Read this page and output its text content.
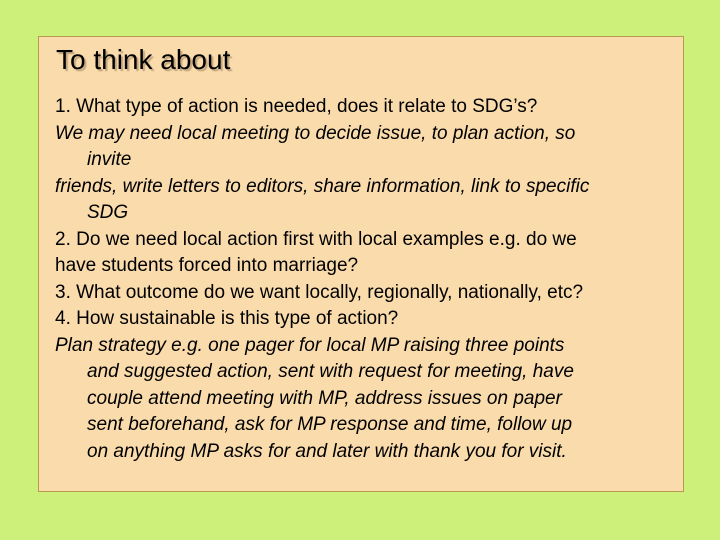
To think about
1. What type of action is needed, does it relate to SDG’s?
We may need local meeting to decide issue, to plan action, so
invite
friends, write letters to editors, share information, link to specific
SDG
2. Do we need local action first with local examples e.g. do we
have students forced into marriage?
3. What outcome do we want locally, regionally, nationally, etc?
4. How sustainable is this type of action?
Plan strategy e.g. one pager for local MP raising three points
and suggested action, sent with request for meeting, have
couple attend meeting with MP, address issues on paper
sent beforehand, ask for MP response and time, follow up
on anything MP asks for and later with thank you for visit.
